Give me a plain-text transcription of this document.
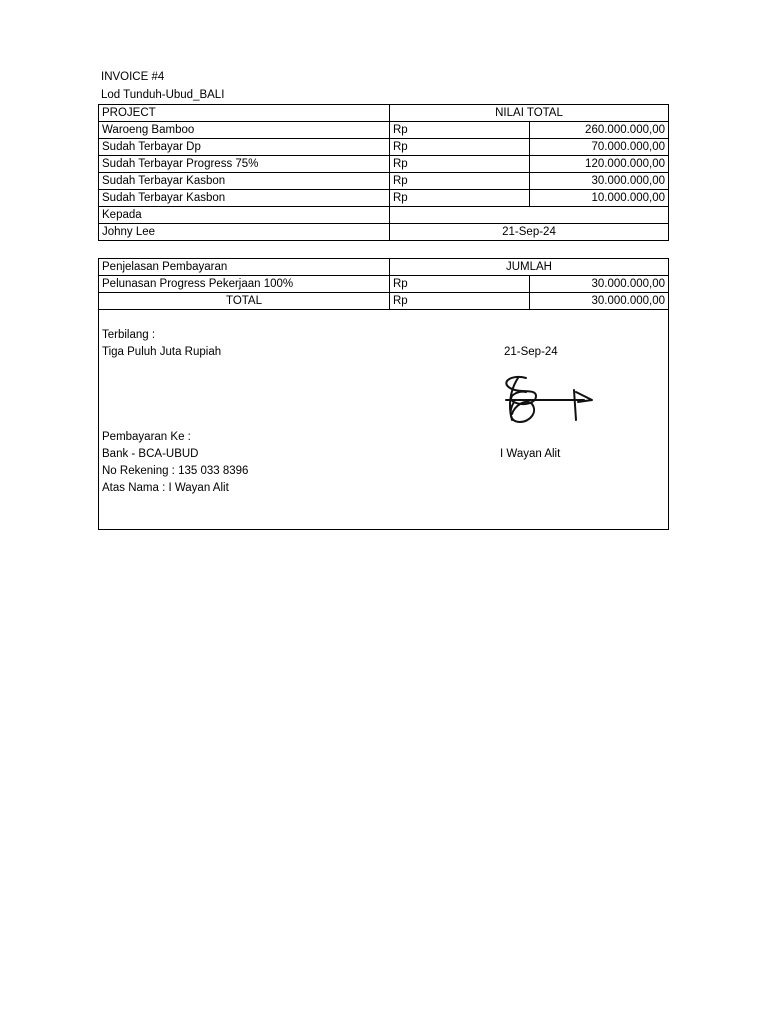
INVOICE #4
Lod Tunduh-Ubud_BALI
PROJECT	NILAI TOTAL	
Waroeng Bamboo	Rp	260.000.000,00
Sudah Terbayar Dp	Rp	70.000.000,00
Sudah Terbayar Progress 75%	Rp	120.000.000,00
Sudah Terbayar Kasbon	Rp	30.000.000,00
Sudah Terbayar Kasbon	Rp	10.000.000,00
Kepada		
Johny Lee	21-Sep-24	
Penjelasan Pembayaran	JUMLAH	
Pelunasan Progress Pekerjaan 100%	Rp	30.000.000,00
TOTAL	Rp	30.000.000,00
Terbilang :
Tiga Puluh Juta Rupiah	21-Sep-24
Pembayaran Ke :
Bank - BCA-UBUD	I Wayan Alit
No Rekening : 135 033 8396
Atas Nama : I Wayan Alit
